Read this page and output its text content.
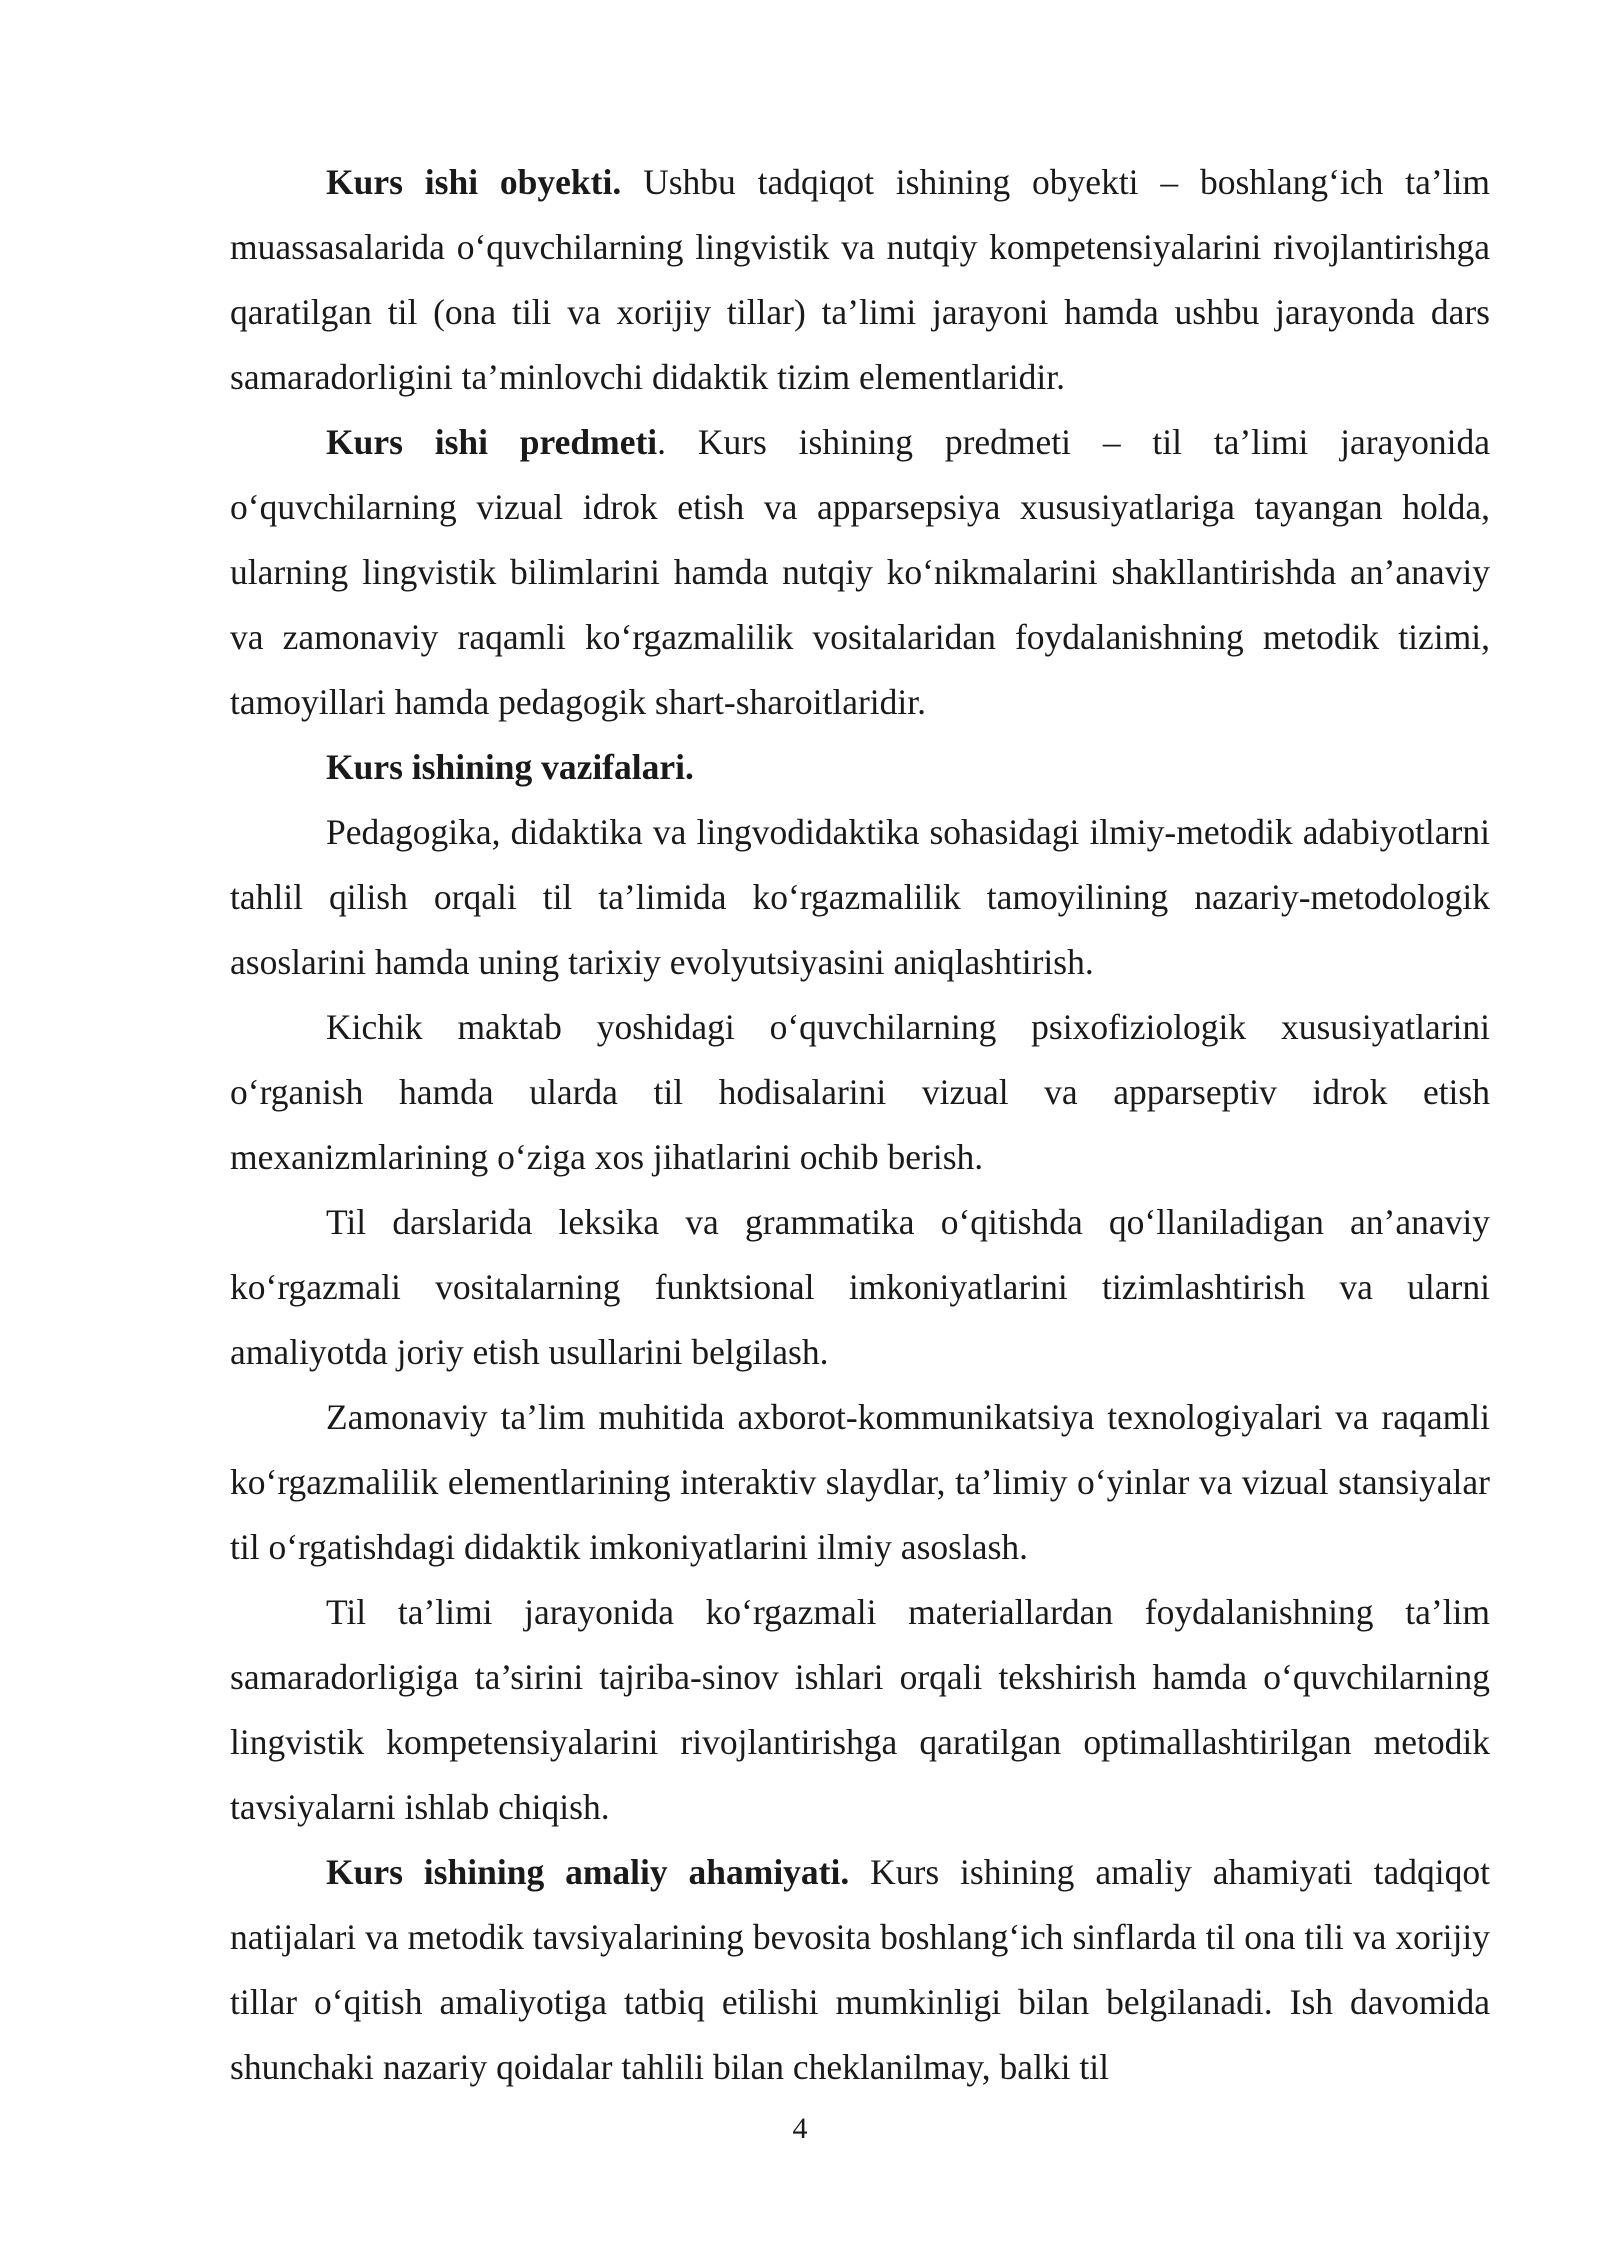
Kurs ishi obyekti. Ushbu tadqiqot ishining obyekti – boshlang‘ich ta’lim muassasalarida o‘quvchilarning lingvistik va nutqiy kompetensiyalarini rivojlantirishga qaratilgan til (ona tili va xorijiy tillar) ta’limi jarayoni hamda ushbu jarayonda dars samaradorligini ta’minlovchi didaktik tizim elementlaridir.

Kurs ishi predmeti. Kurs ishining predmeti – til ta’limi jarayonida o‘quvchilarning vizual idrok etish va apparsepsiya xususiyatlariga tayangan holda, ularning lingvistik bilimlarini hamda nutqiy ko‘nikmalarini shakllantirishda an’anaviy va zamonaviy raqamli ko‘rgazmalilik vositalaridan foydalanishning metodik tizimi, tamoyillari hamda pedagogik shart-sharoitlaridir.

Kurs ishining vazifalari.

Pedagogika, didaktika va lingvodidaktika sohasidagi ilmiy-metodik adabiyotlarni tahlil qilish orqali til ta’limida ko‘rgazmalilik tamoyilining nazariy-metodologik asoslarini hamda uning tarixiy evolyutsiyasini aniqlashtirish.

Kichik maktab yoshidagi o‘quvchilarning psixofiziologik xususiyatlarini o‘rganish hamda ularda til hodisalarini vizual va apparseptiv idrok etish mexanizmlarining o‘ziga xos jihatlarini ochib berish.

Til darslarida leksika va grammatika o‘qitishda qo‘llaniladigan an’anaviy ko‘rgazmali vositalarning funktsional imkoniyatlarini tizimlashtirish va ularni amaliyotda joriy etish usullarini belgilash.

Zamonaviy ta’lim muhitida axborot-kommunikatsiya texnologiyalari va raqamli ko‘rgazmalilik elementlarining interaktiv slaydlar, ta’limiy o‘yinlar va vizual stansiyalar til o‘rgatishdagi didaktik imkoniyatlarini ilmiy asoslash.

Til ta’limi jarayonida ko‘rgazmali materiallardan foydalanishning ta’lim samaradorligiga ta’sirini tajriba-sinov ishlari orqali tekshirish hamda o‘quvchilarning lingvistik kompetensiyalarini rivojlantirishga qaratilgan optimallashtirilgan metodik tavsiyalarni ishlab chiqish.

Kurs ishining amaliy ahamiyati. Kurs ishining amaliy ahamiyati tadqiqot natijalari va metodik tavsiyalarining bevosita boshlang‘ich sinflarda til ona tili va xorijiy tillar o‘qitish amaliyotiga tatbiq etilishi mumkinligi bilan belgilanadi. Ish davomida shunchaki nazariy qoidalar tahlili bilan cheklanilmay, balki til

4
